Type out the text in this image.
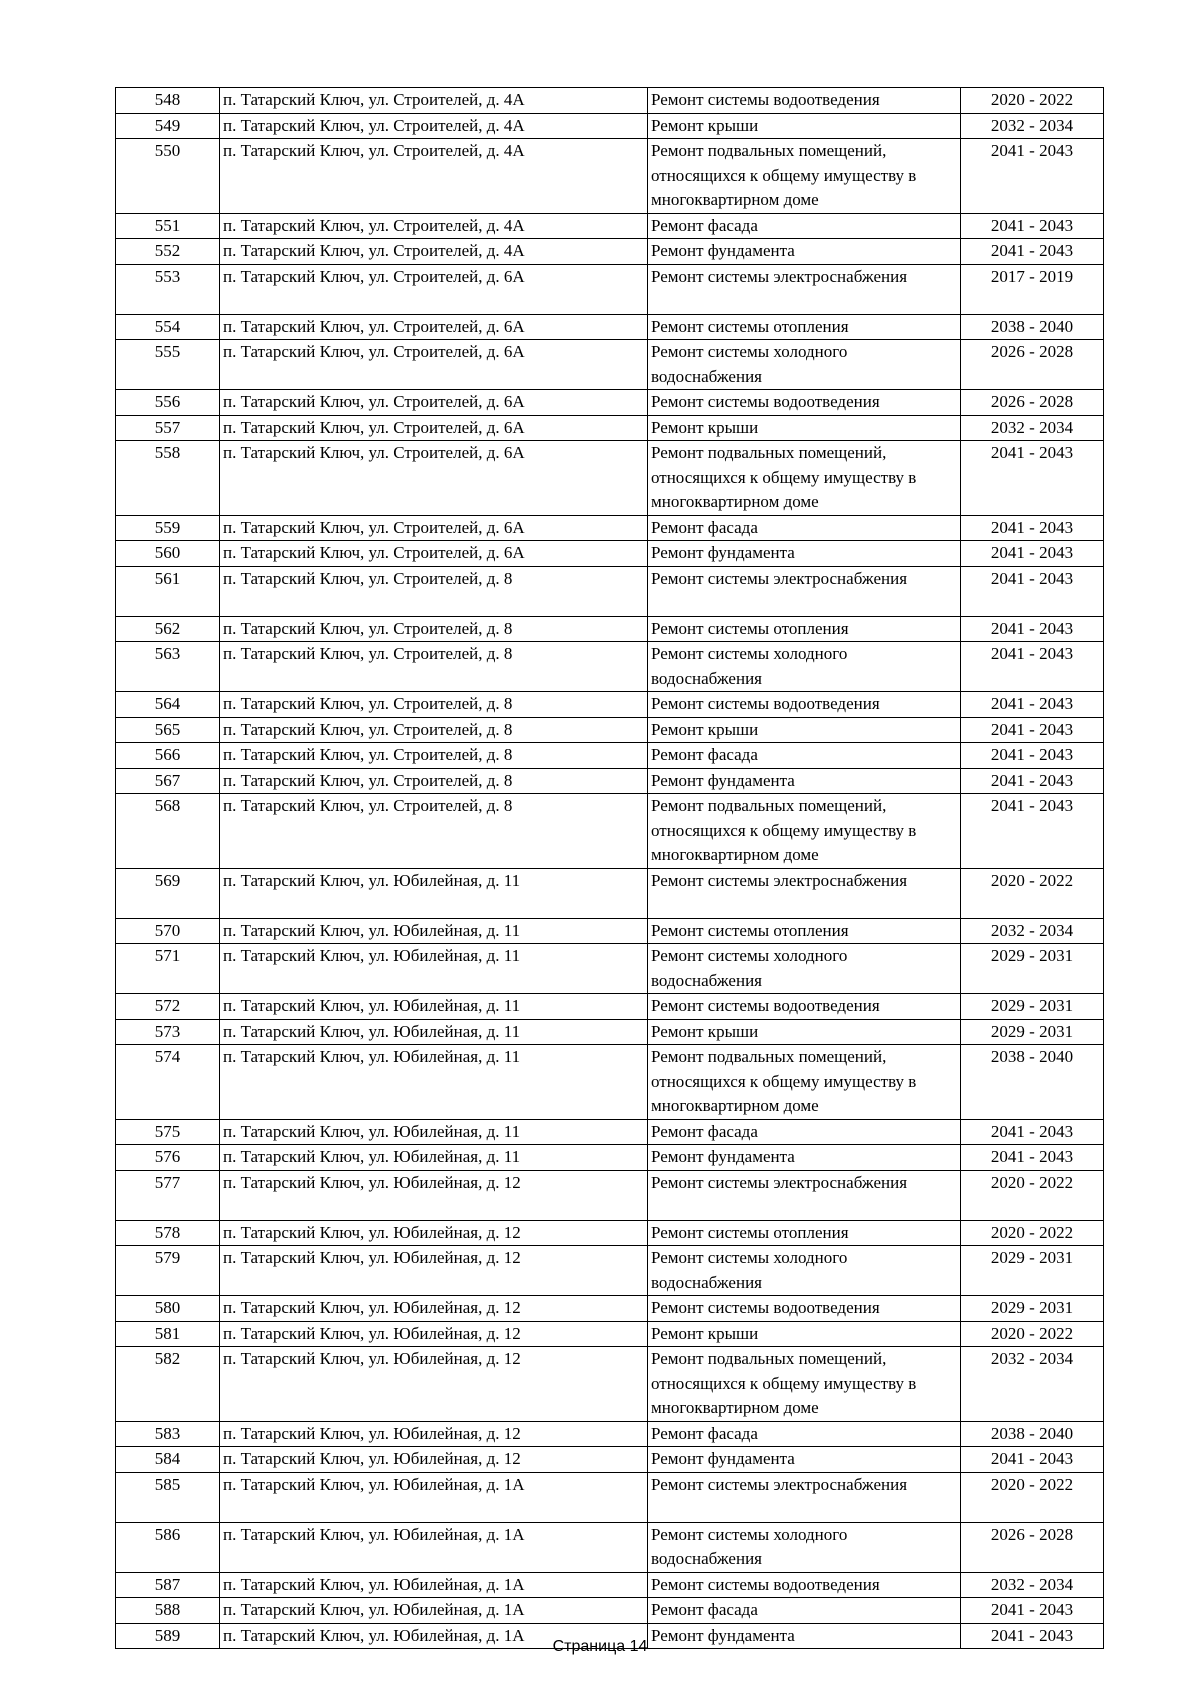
548	п. Татарский Ключ, ул. Строителей, д. 4А	Ремонт системы водоотведения	2020 - 2022
549	п. Татарский Ключ, ул. Строителей, д. 4А	Ремонт крыши	2032 - 2034
550	п. Татарский Ключ, ул. Строителей, д. 4А	Ремонт подвальных помещений, относящихся к общему имуществу в многоквартирном доме	2041 - 2043
551	п. Татарский Ключ, ул. Строителей, д. 4А	Ремонт фасада	2041 - 2043
552	п. Татарский Ключ, ул. Строителей, д. 4А	Ремонт фундамента	2041 - 2043
553	п. Татарский Ключ, ул. Строителей, д. 6А	Ремонт системы электроснабжения	2017 - 2019
554	п. Татарский Ключ, ул. Строителей, д. 6А	Ремонт системы отопления	2038 - 2040
555	п. Татарский Ключ, ул. Строителей, д. 6А	Ремонт системы холодного водоснабжения	2026 - 2028
556	п. Татарский Ключ, ул. Строителей, д. 6А	Ремонт системы водоотведения	2026 - 2028
557	п. Татарский Ключ, ул. Строителей, д. 6А	Ремонт крыши	2032 - 2034
558	п. Татарский Ключ, ул. Строителей, д. 6А	Ремонт подвальных помещений, относящихся к общему имуществу в многоквартирном доме	2041 - 2043
559	п. Татарский Ключ, ул. Строителей, д. 6А	Ремонт фасада	2041 - 2043
560	п. Татарский Ключ, ул. Строителей, д. 6А	Ремонт фундамента	2041 - 2043
561	п. Татарский Ключ, ул. Строителей, д. 8	Ремонт системы электроснабжения	2041 - 2043
562	п. Татарский Ключ, ул. Строителей, д. 8	Ремонт системы отопления	2041 - 2043
563	п. Татарский Ключ, ул. Строителей, д. 8	Ремонт системы холодного водоснабжения	2041 - 2043
564	п. Татарский Ключ, ул. Строителей, д. 8	Ремонт системы водоотведения	2041 - 2043
565	п. Татарский Ключ, ул. Строителей, д. 8	Ремонт крыши	2041 - 2043
566	п. Татарский Ключ, ул. Строителей, д. 8	Ремонт фасада	2041 - 2043
567	п. Татарский Ключ, ул. Строителей, д. 8	Ремонт фундамента	2041 - 2043
568	п. Татарский Ключ, ул. Строителей, д. 8	Ремонт подвальных помещений, относящихся к общему имуществу в многоквартирном доме	2041 - 2043
569	п. Татарский Ключ, ул. Юбилейная, д. 11	Ремонт системы электроснабжения	2020 - 2022
570	п. Татарский Ключ, ул. Юбилейная, д. 11	Ремонт системы отопления	2032 - 2034
571	п. Татарский Ключ, ул. Юбилейная, д. 11	Ремонт системы холодного водоснабжения	2029 - 2031
572	п. Татарский Ключ, ул. Юбилейная, д. 11	Ремонт системы водоотведения	2029 - 2031
573	п. Татарский Ключ, ул. Юбилейная, д. 11	Ремонт крыши	2029 - 2031
574	п. Татарский Ключ, ул. Юбилейная, д. 11	Ремонт подвальных помещений, относящихся к общему имуществу в многоквартирном доме	2038 - 2040
575	п. Татарский Ключ, ул. Юбилейная, д. 11	Ремонт фасада	2041 - 2043
576	п. Татарский Ключ, ул. Юбилейная, д. 11	Ремонт фундамента	2041 - 2043
577	п. Татарский Ключ, ул. Юбилейная, д. 12	Ремонт системы электроснабжения	2020 - 2022
578	п. Татарский Ключ, ул. Юбилейная, д. 12	Ремонт системы отопления	2020 - 2022
579	п. Татарский Ключ, ул. Юбилейная, д. 12	Ремонт системы холодного водоснабжения	2029 - 2031
580	п. Татарский Ключ, ул. Юбилейная, д. 12	Ремонт системы водоотведения	2029 - 2031
581	п. Татарский Ключ, ул. Юбилейная, д. 12	Ремонт крыши	2020 - 2022
582	п. Татарский Ключ, ул. Юбилейная, д. 12	Ремонт подвальных помещений, относящихся к общему имуществу в многоквартирном доме	2032 - 2034
583	п. Татарский Ключ, ул. Юбилейная, д. 12	Ремонт фасада	2038 - 2040
584	п. Татарский Ключ, ул. Юбилейная, д. 12	Ремонт фундамента	2041 - 2043
585	п. Татарский Ключ, ул. Юбилейная, д. 1А	Ремонт системы электроснабжения	2020 - 2022
586	п. Татарский Ключ, ул. Юбилейная, д. 1А	Ремонт системы холодного водоснабжения	2026 - 2028
587	п. Татарский Ключ, ул. Юбилейная, д. 1А	Ремонт системы водоотведения	2032 - 2034
588	п. Татарский Ключ, ул. Юбилейная, д. 1А	Ремонт фасада	2041 - 2043
589	п. Татарский Ключ, ул. Юбилейная, д. 1А	Ремонт фундамента	2041 - 2043
Страница 14
